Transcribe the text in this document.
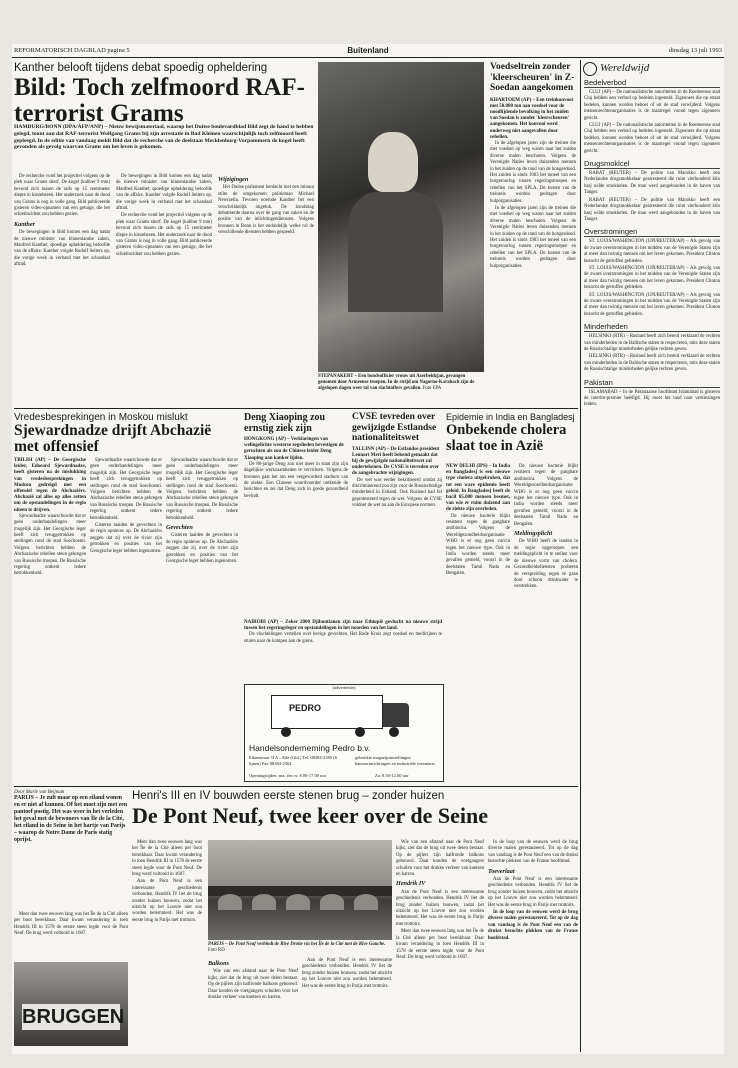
REFORMATORISCH DAGBLAD pagina 5	Buitenland	dinsdag 13 juli 1993
Kanther belooft tijdens debat spoedig opheldering
Bild: Toch zelfmoord RAF-terrorist Grams
HAMBURG/BONN (DPA/AFP/ANP) – Nieuw bewijsmateriaal, waarop het Duitse boulevardblad Bild zegt de hand te hebben gelegd, toont aan dat RAF-terrorist Wolfgang Grams bij zijn arrestatie in Bad Kleinen waarschijnlijk toch zelfmoord heeft gepleegd. In de editie van vandaag meldt Bild dat de recherche van de deelstaat Mecklenburg-Vorpommern de kogel heeft gevonden als gevolg waarvan Grams om het leven is gekomen.

De recherche vond het projectiel volgens op de plek waar Grams stierf. De kogel (kaliber 9 mm) bevond zich tussen de rails op 15 centimeter diepte in kiezelsteen. Het onderzoek naar de dood van Grams is nog in volle gang. Bild publiceerde gisteren video-opnamen van een getuige, die het schietincident zou hebben gezien.

Kanther

De bewegingen in Bild komen een dag nadat de nieuwe minister van binnenlandse zaken, Manfred Kanther, spoedige opheldering beloofde van de affaire. Kanther volgde Rudolf Seiters op, die vorige week in verband met het schandaal aftrad.

De bewegingen in Bild komen een dag nadat de nieuwe minister van binnenlandse zaken, Manfred Kanther, spoedige opheldering beloofde van de affaire. Kanther volgde Rudolf Seiters op, die vorige week in verband met het schandaal aftrad.

De recherche vond het projectiel volgens op de plek waar Grams stierf. De kogel (kaliber 9 mm) bevond zich tussen de rails op 15 centimeter diepte in kiezelsteen. Het onderzoek naar de dood van Grams is nog in volle gang. Bild publiceerde gisteren video-opnamen van een getuige, die het schietincident zou hebben gezien.

Wijzigingen

Het Duitse parlement herdacht met een minuut stilte de omgekomen politieman Michael Newrzella. Tevoren noemde Kanther het een verschrikkelijk ongeluk. De bondsdag debatteerde daarna over de gang van zaken en de positie van de inlichtingendiensten. Volgens bronnen in Bonn is het onduidelijk welke rol de verschillende diensten hebben gespeeld.

STEPANAKERT – Een bondsofficier vrouw uit Azerbeidzjan, gevangen genomen door Armeense troepen. In de strijd om Nagorno-Karabach zijn de afgelopen dagen weer tal van slachtoffers gevallen. Foto EPA
Voedseltrein zonder 'kleerscheuren' in Z-Soedan aangekomen
KHARTOEM (AP) – Een treinkonvooi met 50.000 ton aan voedsel voor de noodlijdende bevolking in het zuiden van Soedan is zonder 'kleerscheuren' aangekomen. Het konvooi werd onderweg niet aangevallen door rebellen.

In de afgelopen jaren zijn de treinen die met voedsel op weg waren naar het zuiden diverse malen beschoten. Volgens de Verenigde Naties leven duizenden mensen in het zuiden op de rand van de hongerdood. Het zuiden is sinds 1983 het toneel van een burgeroorlog tussen regeringstroepen en rebellen van het SPLA. De kosten van de treinreis worden gedragen door hulporganisaties.

In de afgelopen jaren zijn de treinen die met voedsel op weg waren naar het zuiden diverse malen beschoten. Volgens de Verenigde Naties leven duizenden mensen in het zuiden op de rand van de hongerdood. Het zuiden is sinds 1983 het toneel van een burgeroorlog tussen regeringstroepen en rebellen van het SPLA. De kosten van de treinreis worden gedragen door hulporganisaties.

Wereldwijd
Bedelverbod

CLUJ (AP) – De nationalistische autoriteiten in de Roemeense stad Cluj hebben een verbod op bedelen ingesteld. Zigeuners die op straat bedelen, kunnen worden beboet of uit de stad verwijderd. Volgens mensenrechtenorganisaties is de maatregel vooral tegen zigeuners gericht.

CLUJ (AP) – De nationalistische autoriteiten in de Roemeense stad Cluj hebben een verbod op bedelen ingesteld. Zigeuners die op straat bedelen, kunnen worden beboet of uit de stad verwijderd. Volgens mensenrechtenorganisaties is de maatregel vooral tegen zigeuners gericht.

Drugsmoklcel

RABAT (REUTER) – De politie van Marokko heeft een Nederlandse drugsmokkelaar gearresteerd die ruim vierhonderd kilo hasj wilde smokkelen. De man werd aangehouden in de haven van Tanger.

RABAT (REUTER) – De politie van Marokko heeft een Nederlandse drugsmokkelaar gearresteerd die ruim vierhonderd kilo hasj wilde smokkelen. De man werd aangehouden in de haven van Tanger.

Overstromingen

ST. LOUIS/WASHINGTON (UPI/REUTER/AP) – Als gevolg van de zware overstromingen in het midden van de Verenigde Staten zijn al meer dan twintig mensen om het leven gekomen. President Clinton bezocht de getroffen gebieden.

ST. LOUIS/WASHINGTON (UPI/REUTER/AP) – Als gevolg van de zware overstromingen in het midden van de Verenigde Staten zijn al meer dan twintig mensen om het leven gekomen. President Clinton bezocht de getroffen gebieden.

ST. LOUIS/WASHINGTON (UPI/REUTER/AP) – Als gevolg van de zware overstromingen in het midden van de Verenigde Staten zijn al meer dan twintig mensen om het leven gekomen. President Clinton bezocht de getroffen gebieden.

Minderheden

HELSINKI (RTR) – Rusland heeft zich bereid verklaard de rechten van minderheden in de Baltische staten te respecteren, mits deze staten de Russischtalige minderheden gelijke rechten geven.

HELSINKI (RTR) – Rusland heeft zich bereid verklaard de rechten van minderheden in de Baltische staten te respecteren, mits deze staten de Russischtalige minderheden gelijke rechten geven.

Pakistan

ISLAMABAD – In de Pakistaanse hoofdstad Islamabad is gisteren de interim-premier beëdigd. Hij moet het land naar verkiezingen leiden.

Vredesbesprekingen in Moskou mislukt
Sjewardnadze drijft Abchazië met offensief
TBILISI (AP) – De Georgische leider, Edoeard Sjewardnadze, heeft gisteren na de mislukking van vredesbesprekingen in Moskou gedreigd met een offensief tegen de Abchaziërs. Abchazië zal alles op alles zetten om de opstandelingen in de regio uiteen te drijven.

Sjewardnadze waarschuwde dat er geen onderhandelingen meer mogelijk zijn. Het Georgische leger heeft zich teruggetrokken op stellingen rond de stad Soechoemi. Volgens berichten hebben de Abchazische rebellen steun gekregen van Russische troepen. De Russische regering ontkent iedere betrokkenheid.

Sjewardnadze waarschuwde dat er geen onderhandelingen meer mogelijk zijn. Het Georgische leger heeft zich teruggetrokken op stellingen rond de stad Soechoemi. Volgens berichten hebben de Abchazische rebellen steun gekregen van Russische troepen. De Russische regering ontkent iedere betrokkenheid.

Gisteren laaiden de gevechten in de regio opnieuw op. De Abchaziërs zeggen dat zij over de rivier zijn getrokken en posities van het Georgische leger hebben ingenomen.

Sjewardnadze waarschuwde dat er geen onderhandelingen meer mogelijk zijn. Het Georgische leger heeft zich teruggetrokken op stellingen rond de stad Soechoemi. Volgens berichten hebben de Abchazische rebellen steun gekregen van Russische troepen. De Russische regering ontkent iedere betrokkenheid.

Gevechten

Gisteren laaiden de gevechten in de regio opnieuw op. De Abchaziërs zeggen dat zij over de rivier zijn getrokken en posities van het Georgische leger hebben ingenomen.

Deng Xiaoping zou ernstig ziek zijn
HONGKONG (AP) – Verklaringen van welingelichte westerse zegslieden bevestigen de geruchten als zou de Chinese leider Deng Xiaoping aan kanker lijden.

De 88-jarige Deng zou niet meer in staat zijn zijn dagelijkse werkzaamheden te verrichten. Volgens de bronnen gaat het om een vergevorderd stadium van de ziekte. Een Chinese woordvoerder ontkende de berichten en zei dat Deng zich in goede gezondheid bevindt.

CVSE tevreden over gewijzigde Estlandse nationaliteitswet
TALLINN (AP) – De Estlandse president Lennart Meri heeft bekend gemaakt dat hij de gewijzigde nationaliteitswet zal ondertekenen. De CVSE is tevreden over de aangebrachte wijzigingen.

De wet was eerder bekritiseerd omdat zij discriminerend zou zijn voor de Russischtalige minderheid in Estland. Ook Rusland had fel geprotesteerd tegen de wet. Volgens de CVSE voldoet de wet nu aan de Europese normen.

Epidemie in India en Bangladesj
Onbekende cholera slaat toe in Azië
NEW DELHI (IPS) – In India en Bangladesj is een nieuwe type cholera uitgebroken, dat tot een ware epidemie heeft geleid. In Bangladesj heeft de bacil 85.000 mensen besmet, van wie er ruim duizend aan de ziekte zijn overleden.

De nieuwe bacterie blijkt resistent tegen de gangbare antibiotica. Volgens de Wereldgezondheidsorganisatie WHO is er nog geen vaccin tegen het nieuwe type. Ook in India worden steeds meer gevallen gemeld, vooral in de deelstaten Tamil Nadu en Bengalen.

De nieuwe bacterie blijkt resistent tegen de gangbare antibiotica. Volgens de Wereldgezondheidsorganisatie WHO is er nog geen vaccin tegen het nieuwe type. Ook in India worden steeds meer gevallen gemeld, vooral in de deelstaten Tamil Nadu en Bengalen.

Meldingsplicht

De WHO heeft de landen in de regio opgeroepen een meldingsplicht in te stellen voor de nieuwe vorm van cholera. Gezondheidsdiensten proberen de verspreiding tegen te gaan door schoon drinkwater te verstrekken.

NAIROBI (AP) – Zeker 2000 Djiboutianen zijn naar Ethiopië gevlucht na nieuwe strijd tussen het regeringsleger en opstandelingen in het noorden van het land.

De vluchtelingen vertellen over hevige gevechten. Het Rode Kruis zegt voedsel en medicijnen te sturen naar de kampen aan de grens.

(advertentie)
PEDRO
Handelsonderneming Pedro b.v.
Eikenstraat 31A – Ede (Gld.) Tel. 08384-2585 (6 lijnen) Fax 08384-2564
gebruikte magazijninstellingen kantoorinrichtingen en industriële inventaris
Openingstijden: ma. t/m vr. 8.00-17.00 uur	Za. 8.30-12.00 uur
Door Marie van Beijnum
PARIJS – Je zult maar op een eiland wonen en er niet af kunnen. Of het moet zijn met een pantoef postig. Het was weer in het verleden het geval met de bewoners van Île de la Cité, het eiland in de Seine in het hartje van Parijs – waarop de Notre Dame de Paris statig oprijst.

Meer dan twee eeuwen lang was het Île de la Cité alleen per boot bereikbaar. Daar kwam verandering in toen Hendrik III in 1578 de eerste steen legde voor de Pont Neuf. De brug werd voltooid in 1607.

BRUGGEN
Henri's III en IV bouwden eerste stenen brug – zonder huizen
De Pont Neuf, twee keer over de Seine

Meer dan twee eeuwen lang was het Île de la Cité alleen per boot bereikbaar. Daar kwam verandering in toen Hendrik III in 1578 de eerste steen legde voor de Pont Neuf. De brug werd voltooid in 1607.

Aan de Pont Neuf is een interessante geschiedenis verbonden. Hendrik IV liet de brug zonder huizen bouwen, zodat het uitzicht op het Louvre niet zou worden belemmerd. Het was de eerste brug in Parijs met trottoirs.

PARIJS – De Pont Neuf verbindt de Rive Droite via het Île de la Cité met de Rive Gauche. Foto RD
Balkons

Wie van een afstand naar de Pont Neuf kijkt, ziet dat de brug uit twee delen bestaat. Op de pijlers zijn halfronde balkons gebouwd. Daar konden de voetgangers schuilen voor het drukke verkeer van koetsen en karren.

Aan de Pont Neuf is een interessante geschiedenis verbonden. Hendrik IV liet de brug zonder huizen bouwen, zodat het uitzicht op het Louvre niet zou worden belemmerd. Het was de eerste brug in Parijs met trottoirs.

Wie van een afstand naar de Pont Neuf kijkt, ziet dat de brug uit twee delen bestaat. Op de pijlers zijn halfronde balkons gebouwd. Daar konden de voetgangers schuilen voor het drukke verkeer van koetsen en karren.

Hendrik IV

Aan de Pont Neuf is een interessante geschiedenis verbonden. Hendrik IV liet de brug zonder huizen bouwen, zodat het uitzicht op het Louvre niet zou worden belemmerd. Het was de eerste brug in Parijs met trottoirs.

Meer dan twee eeuwen lang was het Île de la Cité alleen per boot bereikbaar. Daar kwam verandering in toen Hendrik III in 1578 de eerste steen legde voor de Pont Neuf. De brug werd voltooid in 1607.

In de loop van de eeuwen werd de brug diverse malen gerestaureerd. Tot op de dag van vandaag is de Pont Neuf een van de drukst bezochte plekken van de Franse hoofdstad.

Toeverlaat

Aan de Pont Neuf is een interessante geschiedenis verbonden. Hendrik IV liet de brug zonder huizen bouwen, zodat het uitzicht op het Louvre niet zou worden belemmerd. Het was de eerste brug in Parijs met trottoirs.

In de loop van de eeuwen werd de brug diverse malen gerestaureerd. Tot op de dag van vandaag is de Pont Neuf een van de drukst bezochte plekken van de Franse hoofdstad.
